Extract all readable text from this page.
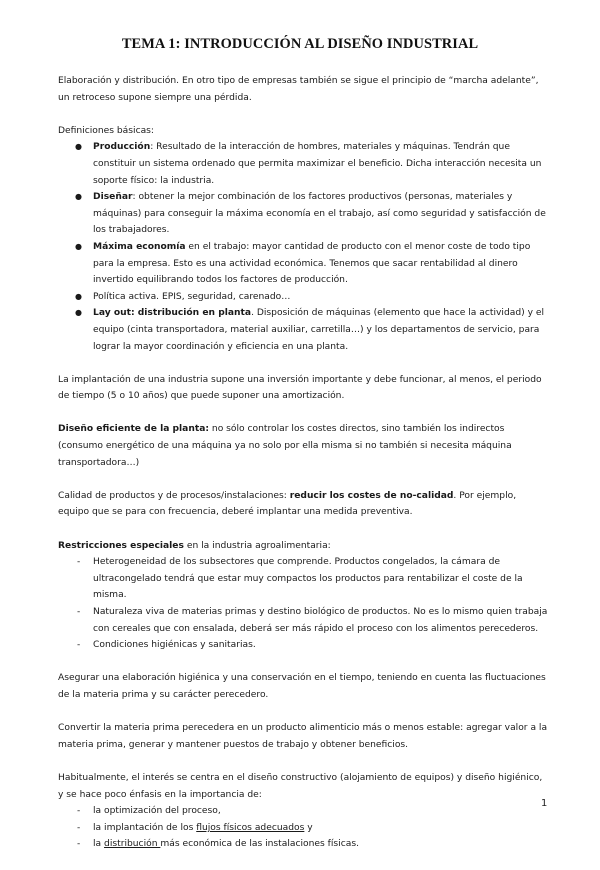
TEMA 1: INTRODUCCIÓN AL DISEÑO INDUSTRIAL

Elaboración y distribución. En otro tipo de empresas también se sigue el principio de “marcha adelante”, un retroceso supone siempre una pérdida.

Definiciones básicas:

● Producción: Resultado de la interacción de hombres, materiales y máquinas. Tendrán que constituir un sistema ordenado que permita maximizar el beneficio. Dicha interacción necesita un soporte físico: la industria.
● Diseñar: obtener la mejor combinación de los factores productivos (personas, materiales y máquinas) para conseguir la máxima economía en el trabajo, así como seguridad y satisfacción de los trabajadores.
● Máxima economía en el trabajo: mayor cantidad de producto con el menor coste de todo tipo para la empresa. Esto es una actividad económica. Tenemos que sacar rentabilidad al dinero invertido equilibrando todos los factores de producción.
● Política activa. EPIS, seguridad, carenado…
● Lay out: distribución en planta. Disposición de máquinas (elemento que hace la actividad) y el equipo (cinta transportadora, material auxiliar, carretilla…) y los departamentos de servicio, para lograr la mayor coordinación y eficiencia en una planta.

La implantación de una industria supone una inversión importante y debe funcionar, al menos, el periodo de tiempo (5 o 10 años) que puede suponer una amortización.

Diseño eficiente de la planta: no sólo controlar los costes directos, sino también los indirectos (consumo energético de una máquina ya no solo por ella misma si no también si necesita máquina transportadora…)

Calidad de productos y de procesos/instalaciones: reducir los costes de no-calidad. Por ejemplo, equipo que se para con frecuencia, deberé implantar una medida preventiva.

Restricciones especiales en la industria agroalimentaria:

- Heterogeneidad de los subsectores que comprende. Productos congelados, la cámara de ultracongelado tendrá que estar muy compactos los productos para rentabilizar el coste de la misma.
- Naturaleza viva de materias primas y destino biológico de productos. No es lo mismo quien trabaja con cereales que con ensalada, deberá ser más rápido el proceso con los alimentos perecederos.
- Condiciones higiénicas y sanitarias.

Asegurar una elaboración higiénica y una conservación en el tiempo, teniendo en cuenta las fluctuaciones de la materia prima y su carácter perecedero.

Convertir la materia prima perecedera en un producto alimenticio más o menos estable: agregar valor a la materia prima, generar y mantener puestos de trabajo y obtener beneficios.

Habitualmente, el interés se centra en el diseño constructivo (alojamiento de equipos) y diseño higiénico, y se hace poco énfasis en la importancia de:

- la optimización del proceso,
- la implantación de los flujos físicos adecuados y
- la distribución más económica de las instalaciones físicas.
1
